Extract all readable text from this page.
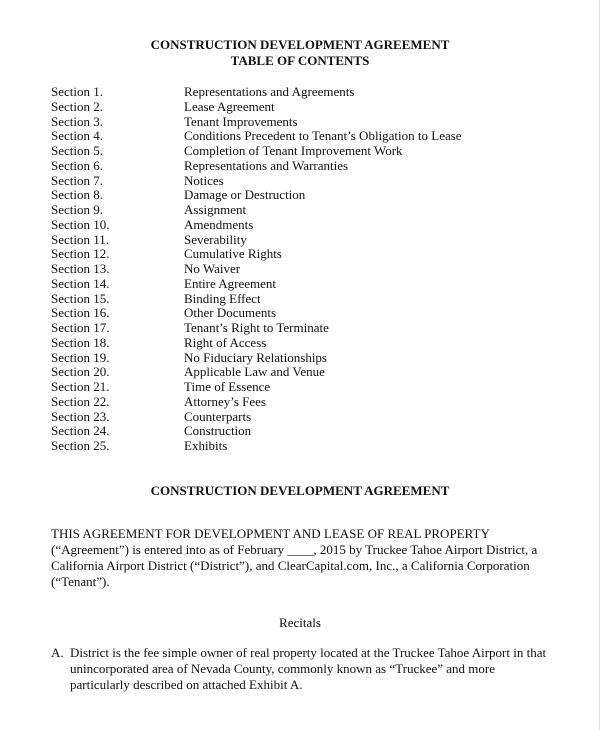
CONSTRUCTION DEVELOPMENT AGREEMENT
TABLE OF CONTENTS
Section 1.	Representations and Agreements
Section 2.	Lease Agreement
Section 3.	Tenant Improvements
Section 4.	Conditions Precedent to Tenant’s Obligation to Lease
Section 5.	Completion of Tenant Improvement Work
Section 6.	Representations and Warranties
Section 7.	Notices
Section 8.	Damage or Destruction
Section 9.	Assignment
Section 10.	Amendments
Section 11.	Severability
Section 12.	Cumulative Rights
Section 13.	No Waiver
Section 14.	Entire Agreement
Section 15.	Binding Effect
Section 16.	Other Documents
Section 17.	Tenant’s Right to Terminate
Section 18.	Right of Access
Section 19.	No Fiduciary Relationships
Section 20.	Applicable Law and Venue
Section 21.	Time of Essence
Section 22.	Attorney’s Fees
Section 23.	Counterparts
Section 24.	Construction
Section 25.	Exhibits
CONSTRUCTION DEVELOPMENT AGREEMENT
THIS AGREEMENT FOR DEVELOPMENT AND LEASE OF REAL PROPERTY
(“Agreement”) is entered into as of February ____, 2015 by Truckee Tahoe Airport District, a
California Airport District (“District”), and ClearCapital.com, Inc., a California Corporation
(“Tenant”).
Recitals
A. District is the fee simple owner of real property located at the Truckee Tahoe Airport in that
unincorporated area of Nevada County, commonly known as “Truckee” and more
particularly described on attached Exhibit A.
